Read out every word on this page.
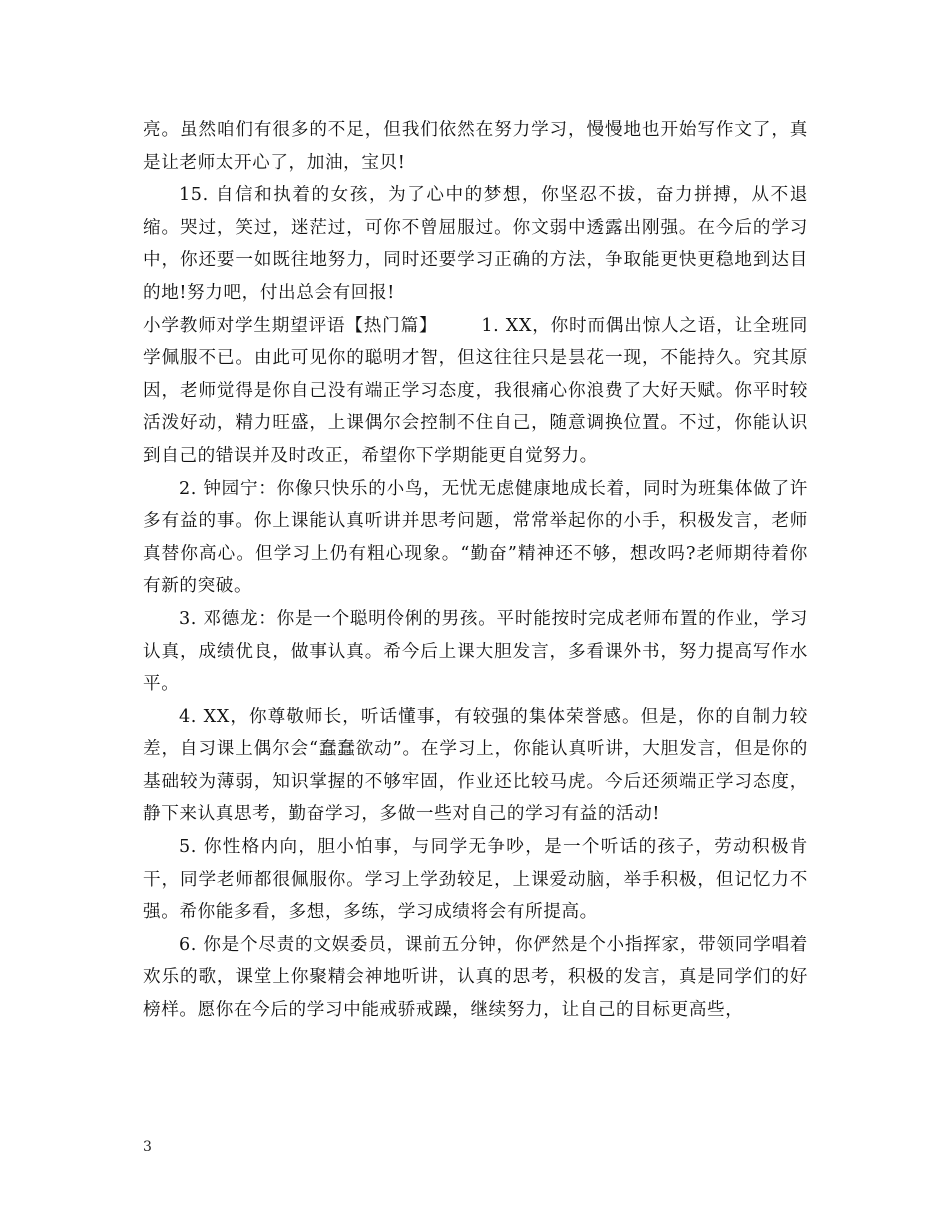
亮。虽然咱们有很多的不足，但我们依然在努力学习，慢慢地也开始写作文了，真是让老师太开心了，加油，宝贝!

15. 自信和执着的女孩，为了心中的梦想，你坚忍不拔，奋力拼搏，从不退缩。哭过，笑过，迷茫过，可你不曾屈服过。你文弱中透露出刚强。在今后的学习中，你还要一如既往地努力，同时还要学习正确的方法，争取能更快更稳地到达目的地!努力吧，付出总会有回报!

小学教师对学生期望评语【热门篇】	1. XX，你时而偶出惊人之语，让全班同学佩服不已。由此可见你的聪明才智，但这往往只是昙花一现，不能持久。究其原因，老师觉得是你自己没有端正学习态度，我很痛心你浪费了大好天赋。你平时较活泼好动，精力旺盛，上课偶尔会控制不住自己，随意调换位置。不过，你能认识到自己的错误并及时改正，希望你下学期能更自觉努力。

2. 钟园宁：你像只快乐的小鸟，无忧无虑健康地成长着，同时为班集体做了许多有益的事。你上课能认真听讲并思考问题，常常举起你的小手，积极发言，老师真替你高心。但学习上仍有粗心现象。“勤奋”精神还不够，想改吗?老师期待着你有新的突破。

3. 邓德龙：你是一个聪明伶俐的男孩。平时能按时完成老师布置的作业，学习认真，成绩优良，做事认真。希今后上课大胆发言，多看课外书，努力提高写作水平。

4. XX，你尊敬师长，听话懂事，有较强的集体荣誉感。但是，你的自制力较差，自习课上偶尔会“蠢蠢欲动”。在学习上，你能认真听讲，大胆发言，但是你的基础较为薄弱，知识掌握的不够牢固，作业还比较马虎。今后还须端正学习态度，静下来认真思考，勤奋学习，多做一些对自己的学习有益的活动!

5. 你性格内向，胆小怕事，与同学无争吵，是一个听话的孩子，劳动积极肯干，同学老师都很佩服你。学习上学劲较足，上课爱动脑，举手积极，但记忆力不强。希你能多看，多想，多练，学习成绩将会有所提高。

6. 你是个尽责的文娱委员，课前五分钟，你俨然是个小指挥家，带领同学唱着欢乐的歌，课堂上你聚精会神地听讲，认真的思考，积极的发言，真是同学们的好榜样。愿你在今后的学习中能戒骄戒躁，继续努力，让自己的目标更高些，

3
